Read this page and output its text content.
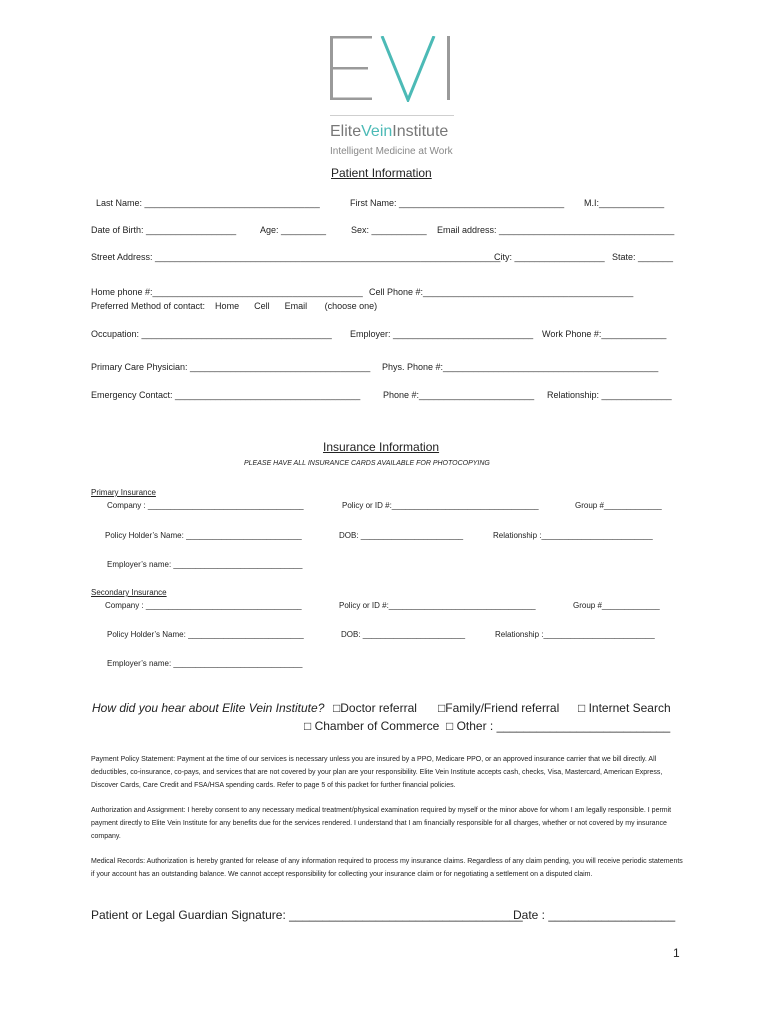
EliteVeinInstitute
Intelligent Medicine at Work
Patient Information
Last Name: ___________________________________	First Name: _________________________________ M.I:_____________
Date of Birth: __________________	Age: _________	Sex: ___________ Email address: ___________________________________
Street Address: _____________________________________________________________________
City: __________________ State: _______
Home phone #:__________________________________________ Cell Phone #:__________________________________________
Preferred Method of contact:    Home      Cell      Email       (choose one)
Occupation: ______________________________________ Employer: ____________________________ Work Phone #:_____________
Primary Care Physician: ____________________________________ Phys. Phone #:___________________________________________
Emergency Contact: _____________________________________	Phone #:_______________________ Relationship: ______________
Insurance Information
PLEASE HAVE ALL INSURANCE CARDS AVAILABLE FOR PHOTOCOPYING
Primary Insurance
Company : ___________________________________	Policy or ID #:_________________________________	Group #_____________
Policy Holder’s Name: __________________________	DOB: _______________________	Relationship :_________________________
Employer’s name: _____________________________
Secondary Insurance
Company : ___________________________________	Policy or ID #:_________________________________	Group #_____________
Policy Holder’s Name: __________________________	DOB: _______________________	Relationship :_________________________
Employer’s name: _____________________________
How did you hear about Elite Vein Institute? □Doctor referral □Family/Friend referral □ Internet Search
□ Chamber of Commerce □ Other : __________________________
Payment Policy Statement: Payment at the time of our services is necessary unless you are insured by a PPO, Medicare PPO, or an approved insurance carrier that we bill directly. All deductibles, co-insurance, co-pays, and services that are not covered by your plan are your responsibility. Elite Vein Institute accepts cash, checks, Visa, Mastercard, American Express, Discover Cards, Care Credit and FSA/HSA spending cards. Refer to page 5 of this packet for further financial policies.
Authorization and Assignment: I hereby consent to any necessary medical treatment/physical examination required by myself or the minor above for whom I am legally responsible. I permit payment directly to Elite Vein Institute for any benefits due for the services rendered. I understand that I am financially responsible for all charges, whether or not covered by my insurance company.
Medical Records: Authorization is hereby granted for release of any information required to process my insurance claims. Regardless of any claim pending, you will receive periodic statements if your account has an outstanding balance. We cannot accept responsibility for collecting your insurance claim or for negotiating a settlement on a disputed claim.
Patient or Legal Guardian Signature: ___________________________________
Date : ___________________
1
